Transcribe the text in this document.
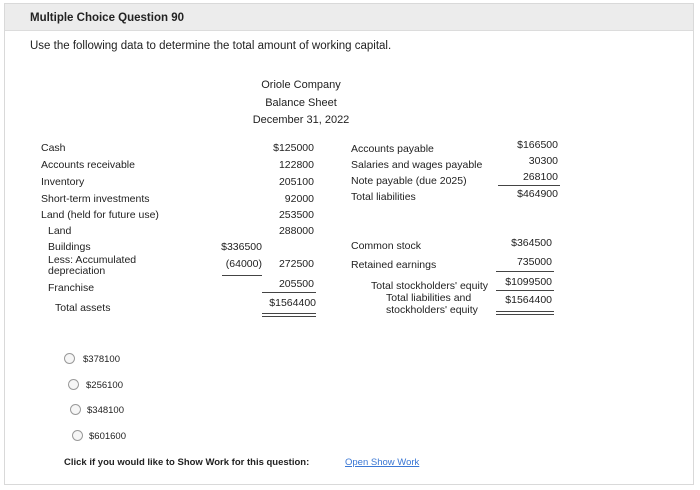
Multiple Choice Question 90
Use the following data to determine the total amount of working capital.
Oriole Company
Balance Sheet
December 31, 2022
Cash
Accounts receivable
Inventory
Short-term investments
Land (held for future use)
Land
Buildings
Less: Accumulated depreciation
Franchise
Total assets
$125000
122800
205100
92000
253500
288000
$336500
(64000)	272500
205500
$1564400
Accounts payable
Salaries and wages payable
Note payable (due 2025)
Total liabilities
$166500
30300
268100
$464900
Common stock
Retained earnings
Total stockholders' equity
Total liabilities and
stockholders' equity
$364500
735000
$1099500
$1564400
$378100
$256100
$348100
$601600
Click if you would like to Show Work for this question:	Open Show Work
